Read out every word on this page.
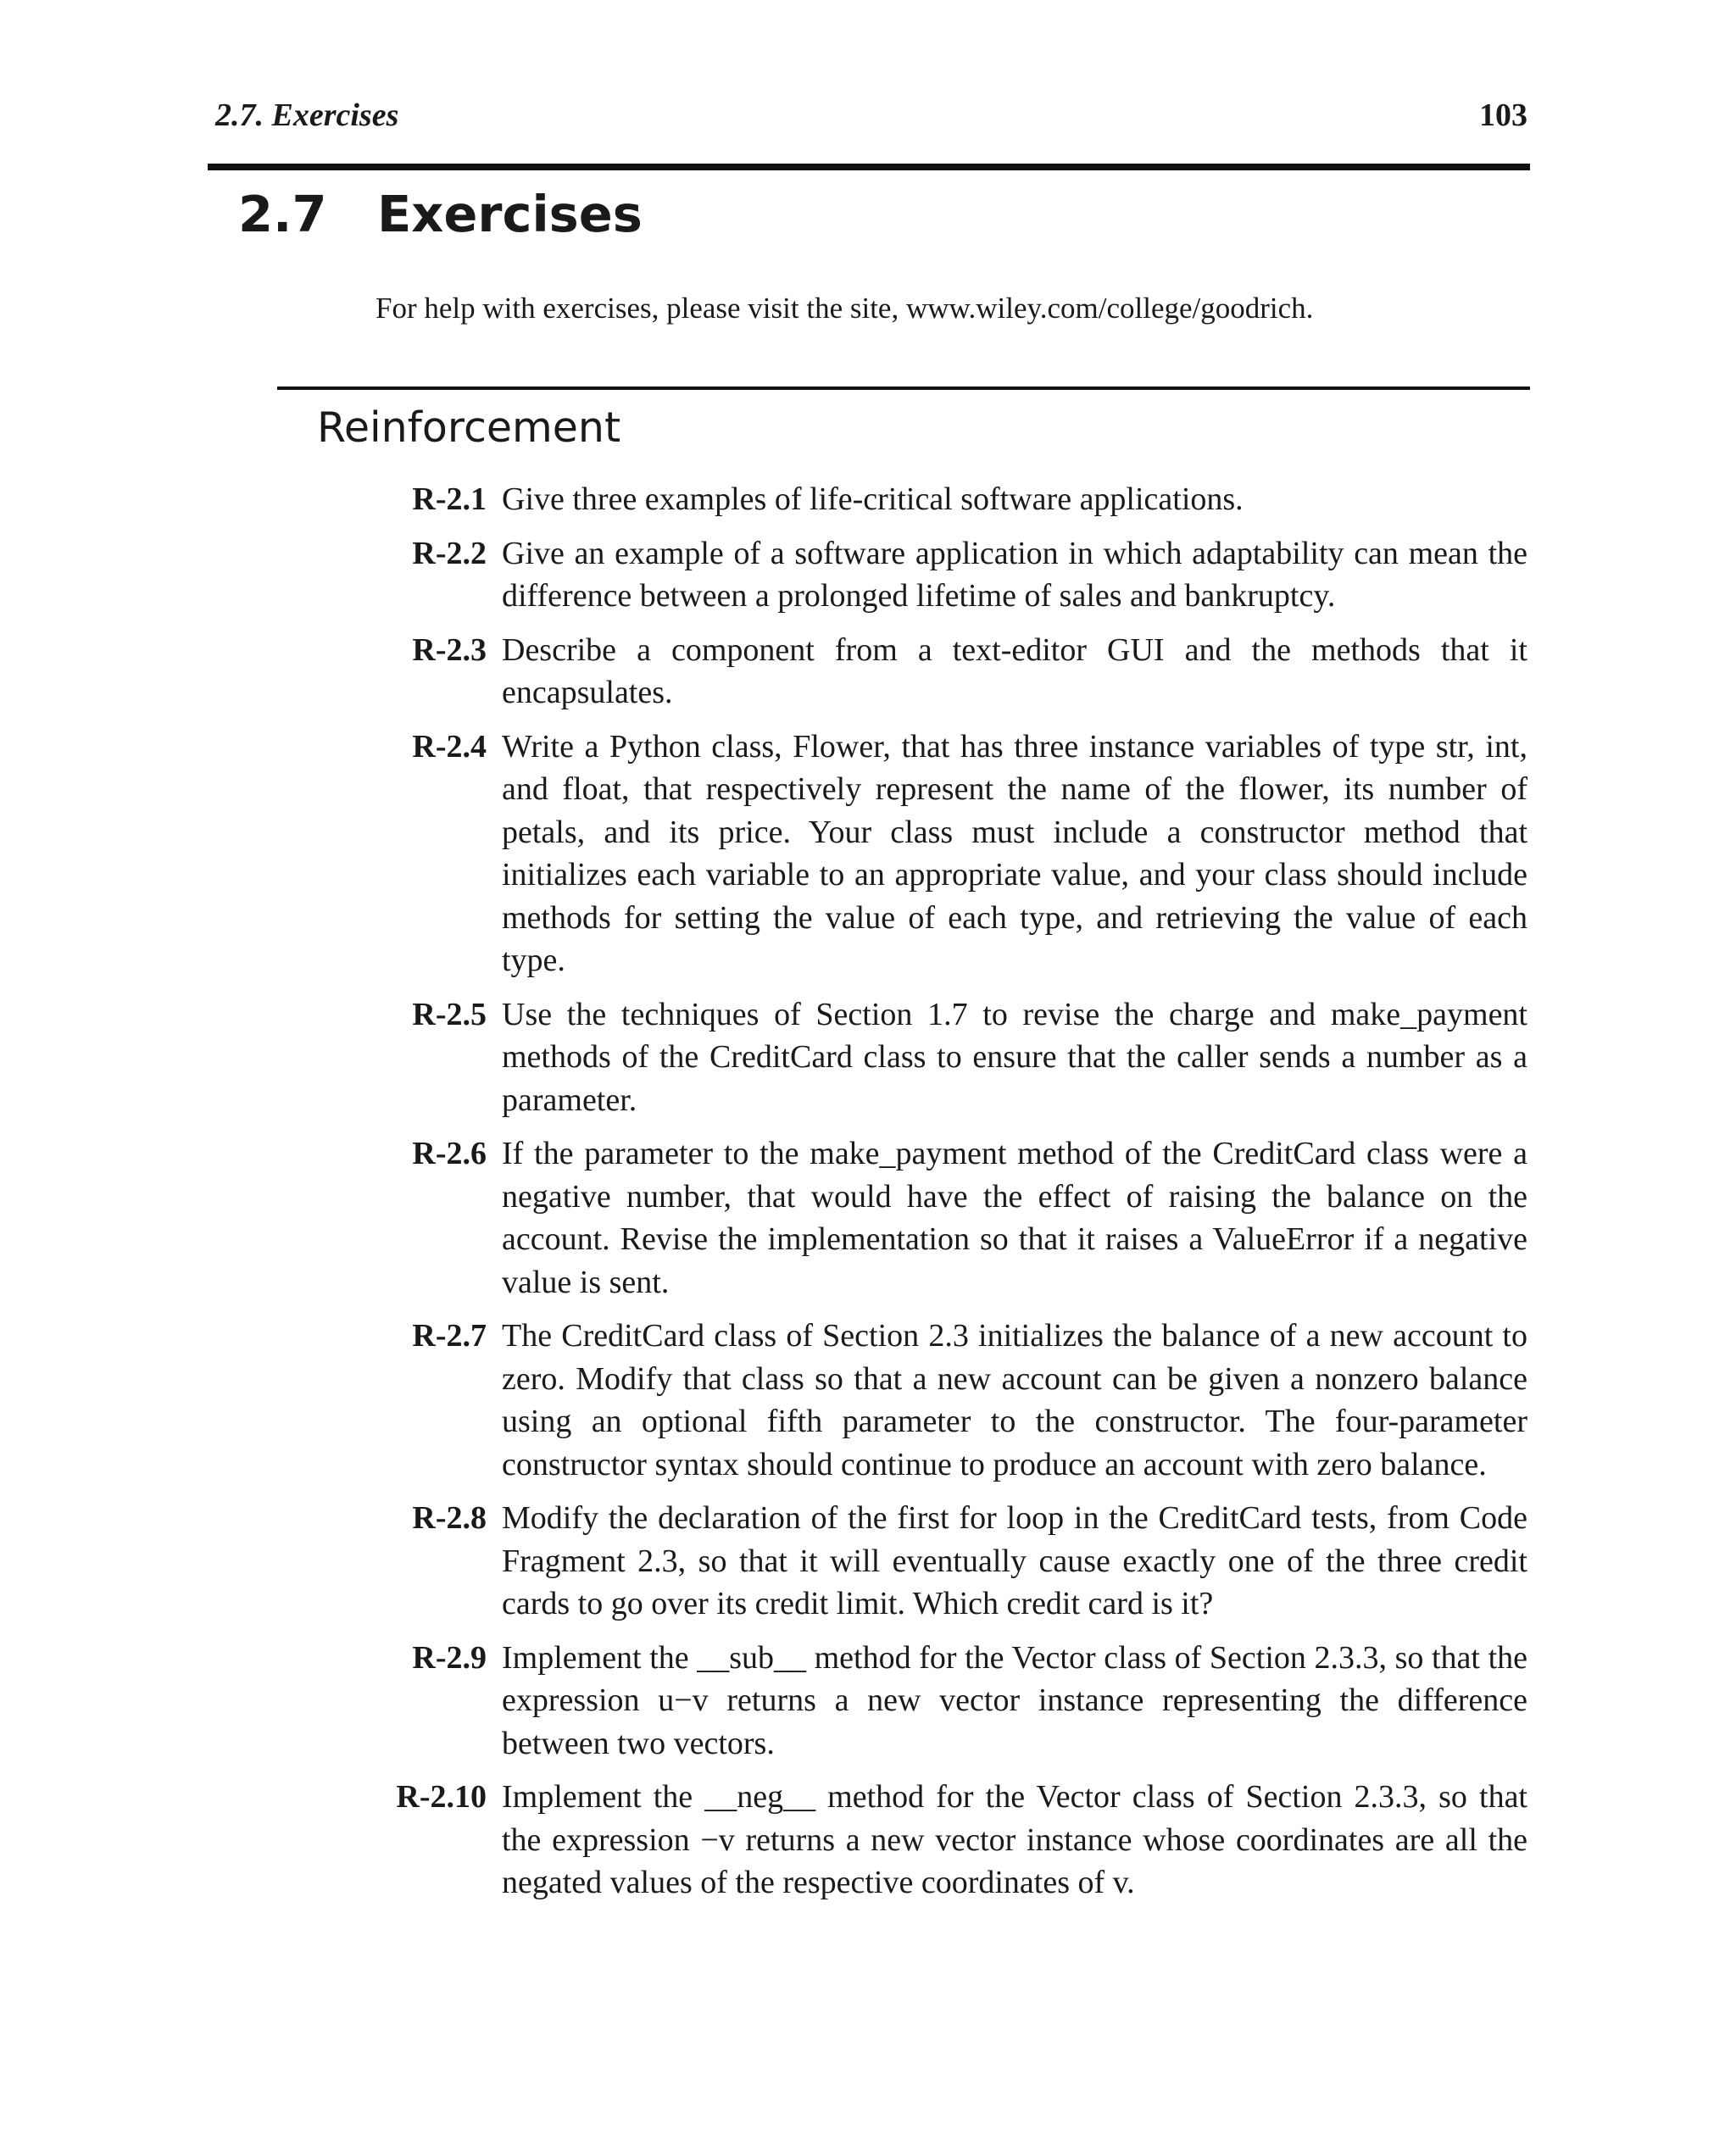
2.7. Exercises	103
2.7 Exercises
For help with exercises, please visit the site, www.wiley.com/college/goodrich.
Reinforcement
R-2.1 Give three examples of life-critical software applications.
R-2.2 Give an example of a software application in which adaptability can mean the difference between a prolonged lifetime of sales and bankruptcy.
R-2.3 Describe a component from a text-editor GUI and the methods that it encapsulates.
R-2.4 Write a Python class, Flower, that has three instance variables of type str, int, and float, that respectively represent the name of the flower, its number of petals, and its price. Your class must include a constructor method that initializes each variable to an appropriate value, and your class should include methods for setting the value of each type, and retrieving the value of each type.
R-2.5 Use the techniques of Section 1.7 to revise the charge and make_payment methods of the CreditCard class to ensure that the caller sends a number as a parameter.
R-2.6 If the parameter to the make_payment method of the CreditCard class were a negative number, that would have the effect of raising the balance on the account. Revise the implementation so that it raises a ValueError if a negative value is sent.
R-2.7 The CreditCard class of Section 2.3 initializes the balance of a new account to zero. Modify that class so that a new account can be given a nonzero balance using an optional fifth parameter to the constructor. The four-parameter constructor syntax should continue to produce an account with zero balance.
R-2.8 Modify the declaration of the first for loop in the CreditCard tests, from Code Fragment 2.3, so that it will eventually cause exactly one of the three credit cards to go over its credit limit. Which credit card is it?
R-2.9 Implement the __sub__ method for the Vector class of Section 2.3.3, so that the expression u−v returns a new vector instance representing the difference between two vectors.
R-2.10 Implement the __neg__ method for the Vector class of Section 2.3.3, so that the expression −v returns a new vector instance whose coordinates are all the negated values of the respective coordinates of v.
